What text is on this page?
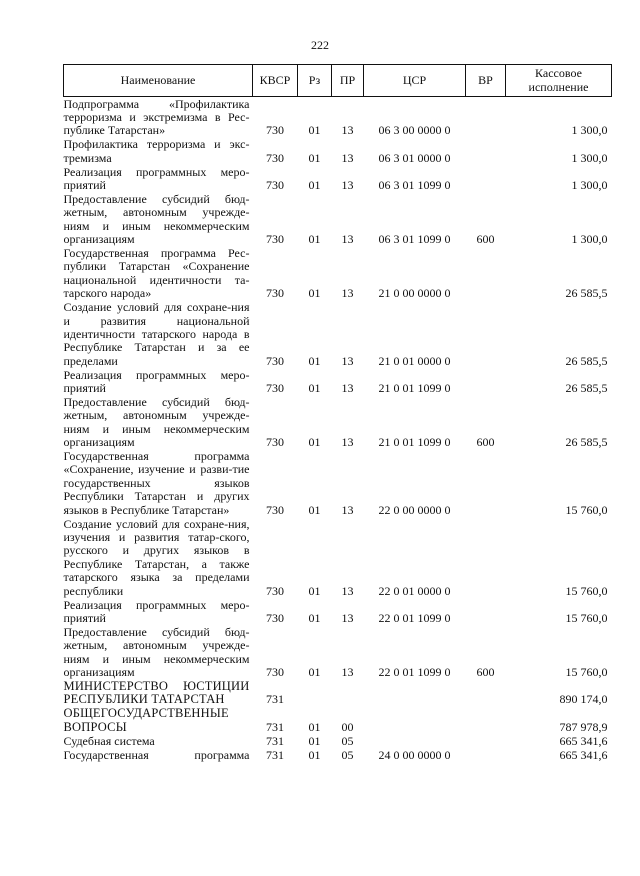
222
Наименование	КВСР	Рз	ПР	ЦСР	ВР	Кассовое исполнение
Подпрограмма «Профилактика терроризма и экстремизма в Рес-публике Татарстан»	730	01	13	06 3 00 0000 0		1 300,0
Профилактика терроризма и экс-тремизма	730	01	13	06 3 01 0000 0		1 300,0
Реализация программных меро-приятий	730	01	13	06 3 01 1099 0		1 300,0
Предоставление субсидий бюд-жетным, автономным учрежде-ниям и иным некоммерческим организациям	730	01	13	06 3 01 1099 0	600	1 300,0
Государственная программа Рес-публики Татарстан «Сохранение национальной идентичности та-тарского народа»	730	01	13	21 0 00 0000 0		26 585,5
Создание условий для сохране-ния и развития национальной идентичности татарского народа в Республике Татарстан и за ее пределами	730	01	13	21 0 01 0000 0		26 585,5
Реализация программных меро-приятий	730	01	13	21 0 01 1099 0		26 585,5
Предоставление субсидий бюд-жетным, автономным учрежде-ниям и иным некоммерческим организациям	730	01	13	21 0 01 1099 0	600	26 585,5
Государственная программа «Сохранение, изучение и разви-тие государственных языков Республики Татарстан и других языков в Республике Татарстан»	730	01	13	22 0 00 0000 0		15 760,0
Создание условий для сохране-ния, изучения и развития татар-ского, русского и других языков в Республике Татарстан, а также татарского языка за пределами республики	730	01	13	22 0 01 0000 0		15 760,0
Реализация программных меро-приятий	730	01	13	22 0 01 1099 0		15 760,0
Предоставление субсидий бюд-жетным, автономным учрежде-ниям и иным некоммерческим организациям	730	01	13	22 0 01 1099 0	600	15 760,0
МИНИСТЕРСТВО ЮСТИЦИИ РЕСПУБЛИКИ ТАТАРСТАН	731					890 174,0
ОБЩЕГОСУДАРСТВЕННЫЕ ВОПРОСЫ	731	01	00			787 978,9
Судебная система	731	01	05			665 341,6
Государственная программа	731	01	05	24 0 00 0000 0		665 341,6
